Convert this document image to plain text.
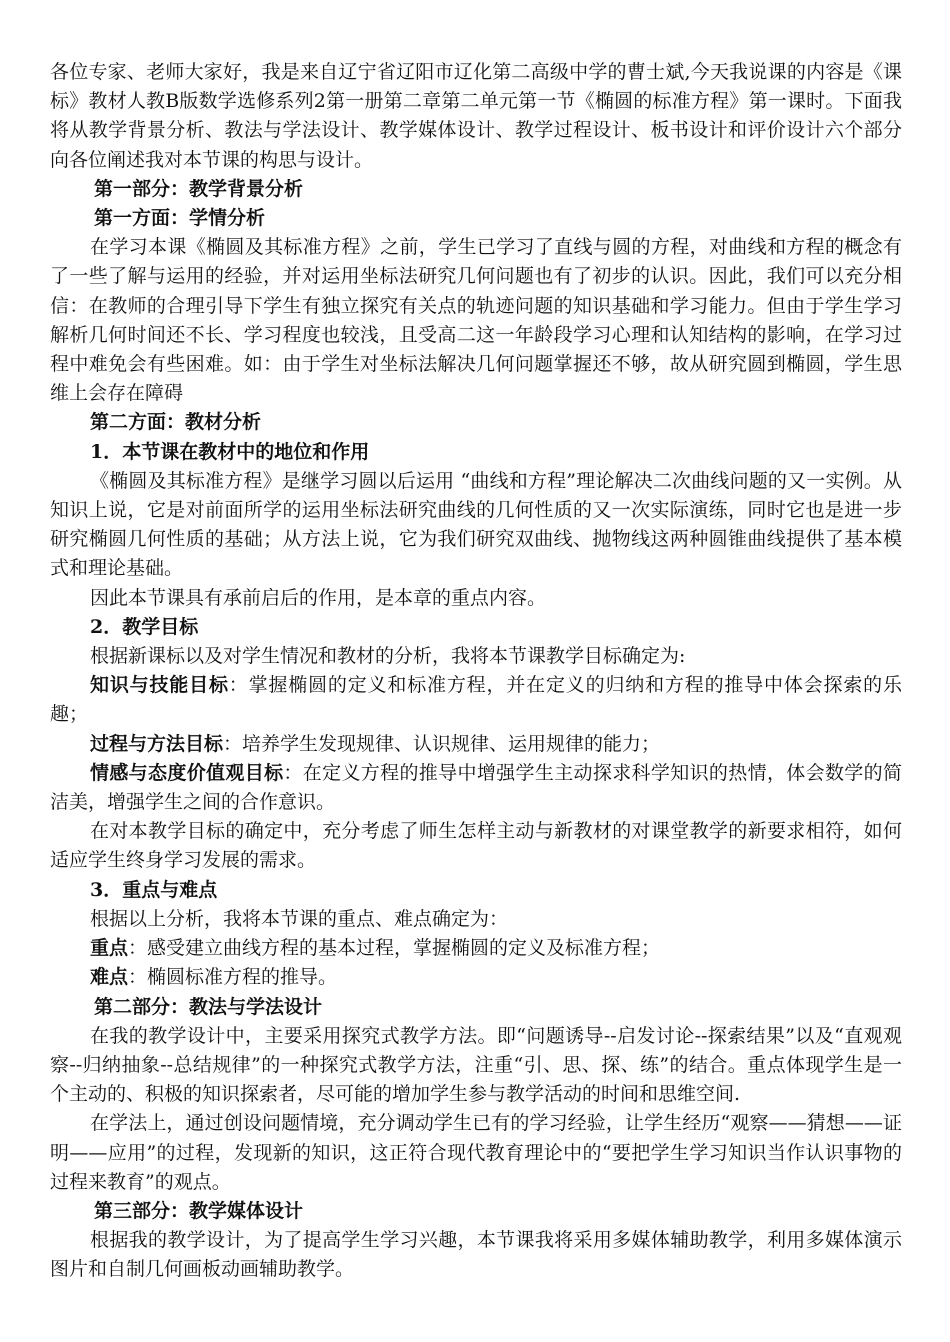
各位专家、老师大家好，我是来自辽宁省辽阳市辽化第二高级中学的曹士斌,今天我说课的内容是《课标》教材人教B版数学选修系列2第一册第二章第二单元第一节《椭圆的标准方程》第一课时。下面我将从教学背景分析、教法与学法设计、教学媒体设计、教学过程设计、板书设计和评价设计六个部分向各位阐述我对本节课的构思与设计。

第一部分：教学背景分析

第一方面：学情分析

在学习本课《椭圆及其标准方程》之前，学生已学习了直线与圆的方程，对曲线和方程的概念有了一些了解与运用的经验，并对运用坐标法研究几何问题也有了初步的认识。因此，我们可以充分相信：在教师的合理引导下学生有独立探究有关点的轨迹问题的知识基础和学习能力。但由于学生学习解析几何时间还不长、学习程度也较浅，且受高二这一年龄段学习心理和认知结构的影响，在学习过程中难免会有些困难。如：由于学生对坐标法解决几何问题掌握还不够，故从研究圆到椭圆，学生思维上会存在障碍

第二方面：教材分析

1．本节课在教材中的地位和作用

《椭圆及其标准方程》是继学习圆以后运用 “曲线和方程”理论解决二次曲线问题的又一实例。从知识上说，它是对前面所学的运用坐标法研究曲线的几何性质的又一次实际演练，同时它也是进一步研究椭圆几何性质的基础；从方法上说，它为我们研究双曲线、抛物线这两种圆锥曲线提供了基本模式和理论基础。

因此本节课具有承前启后的作用，是本章的重点内容。

2．教学目标

根据新课标以及对学生情况和教材的分析，我将本节课教学目标确定为:

知识与技能目标：掌握椭圆的定义和标准方程，并在定义的归纳和方程的推导中体会探索的乐趣；

过程与方法目标：培养学生发现规律、认识规律、运用规律的能力；

情感与态度价值观目标：在定义方程的推导中增强学生主动探求科学知识的热情，体会数学的简洁美，增强学生之间的合作意识。

在对本教学目标的确定中，充分考虑了师生怎样主动与新教材的对课堂教学的新要求相符，如何适应学生终身学习发展的需求。

3．重点与难点

根据以上分析，我将本节课的重点、难点确定为：

重点：感受建立曲线方程的基本过程，掌握椭圆的定义及标准方程；

难点：椭圆标准方程的推导。

第二部分：教法与学法设计

在我的教学设计中，主要采用探究式教学方法。即“问题诱导--启发讨论--探索结果”以及“直观观察--归纳抽象--总结规律”的一种探究式教学方法，注重“引、思、探、练”的结合。重点体现学生是一个主动的、积极的知识探索者，尽可能的增加学生参与教学活动的时间和思维空间.

在学法上，通过创设问题情境，充分调动学生已有的学习经验，让学生经历“观察——猜想——证明——应用”的过程，发现新的知识，这正符合现代教育理论中的“要把学生学习知识当作认识事物的过程来教育”的观点。

第三部分：教学媒体设计

根据我的教学设计，为了提高学生学习兴趣，本节课我将采用多媒体辅助教学，利用多媒体演示图片和自制几何画板动画辅助教学。
